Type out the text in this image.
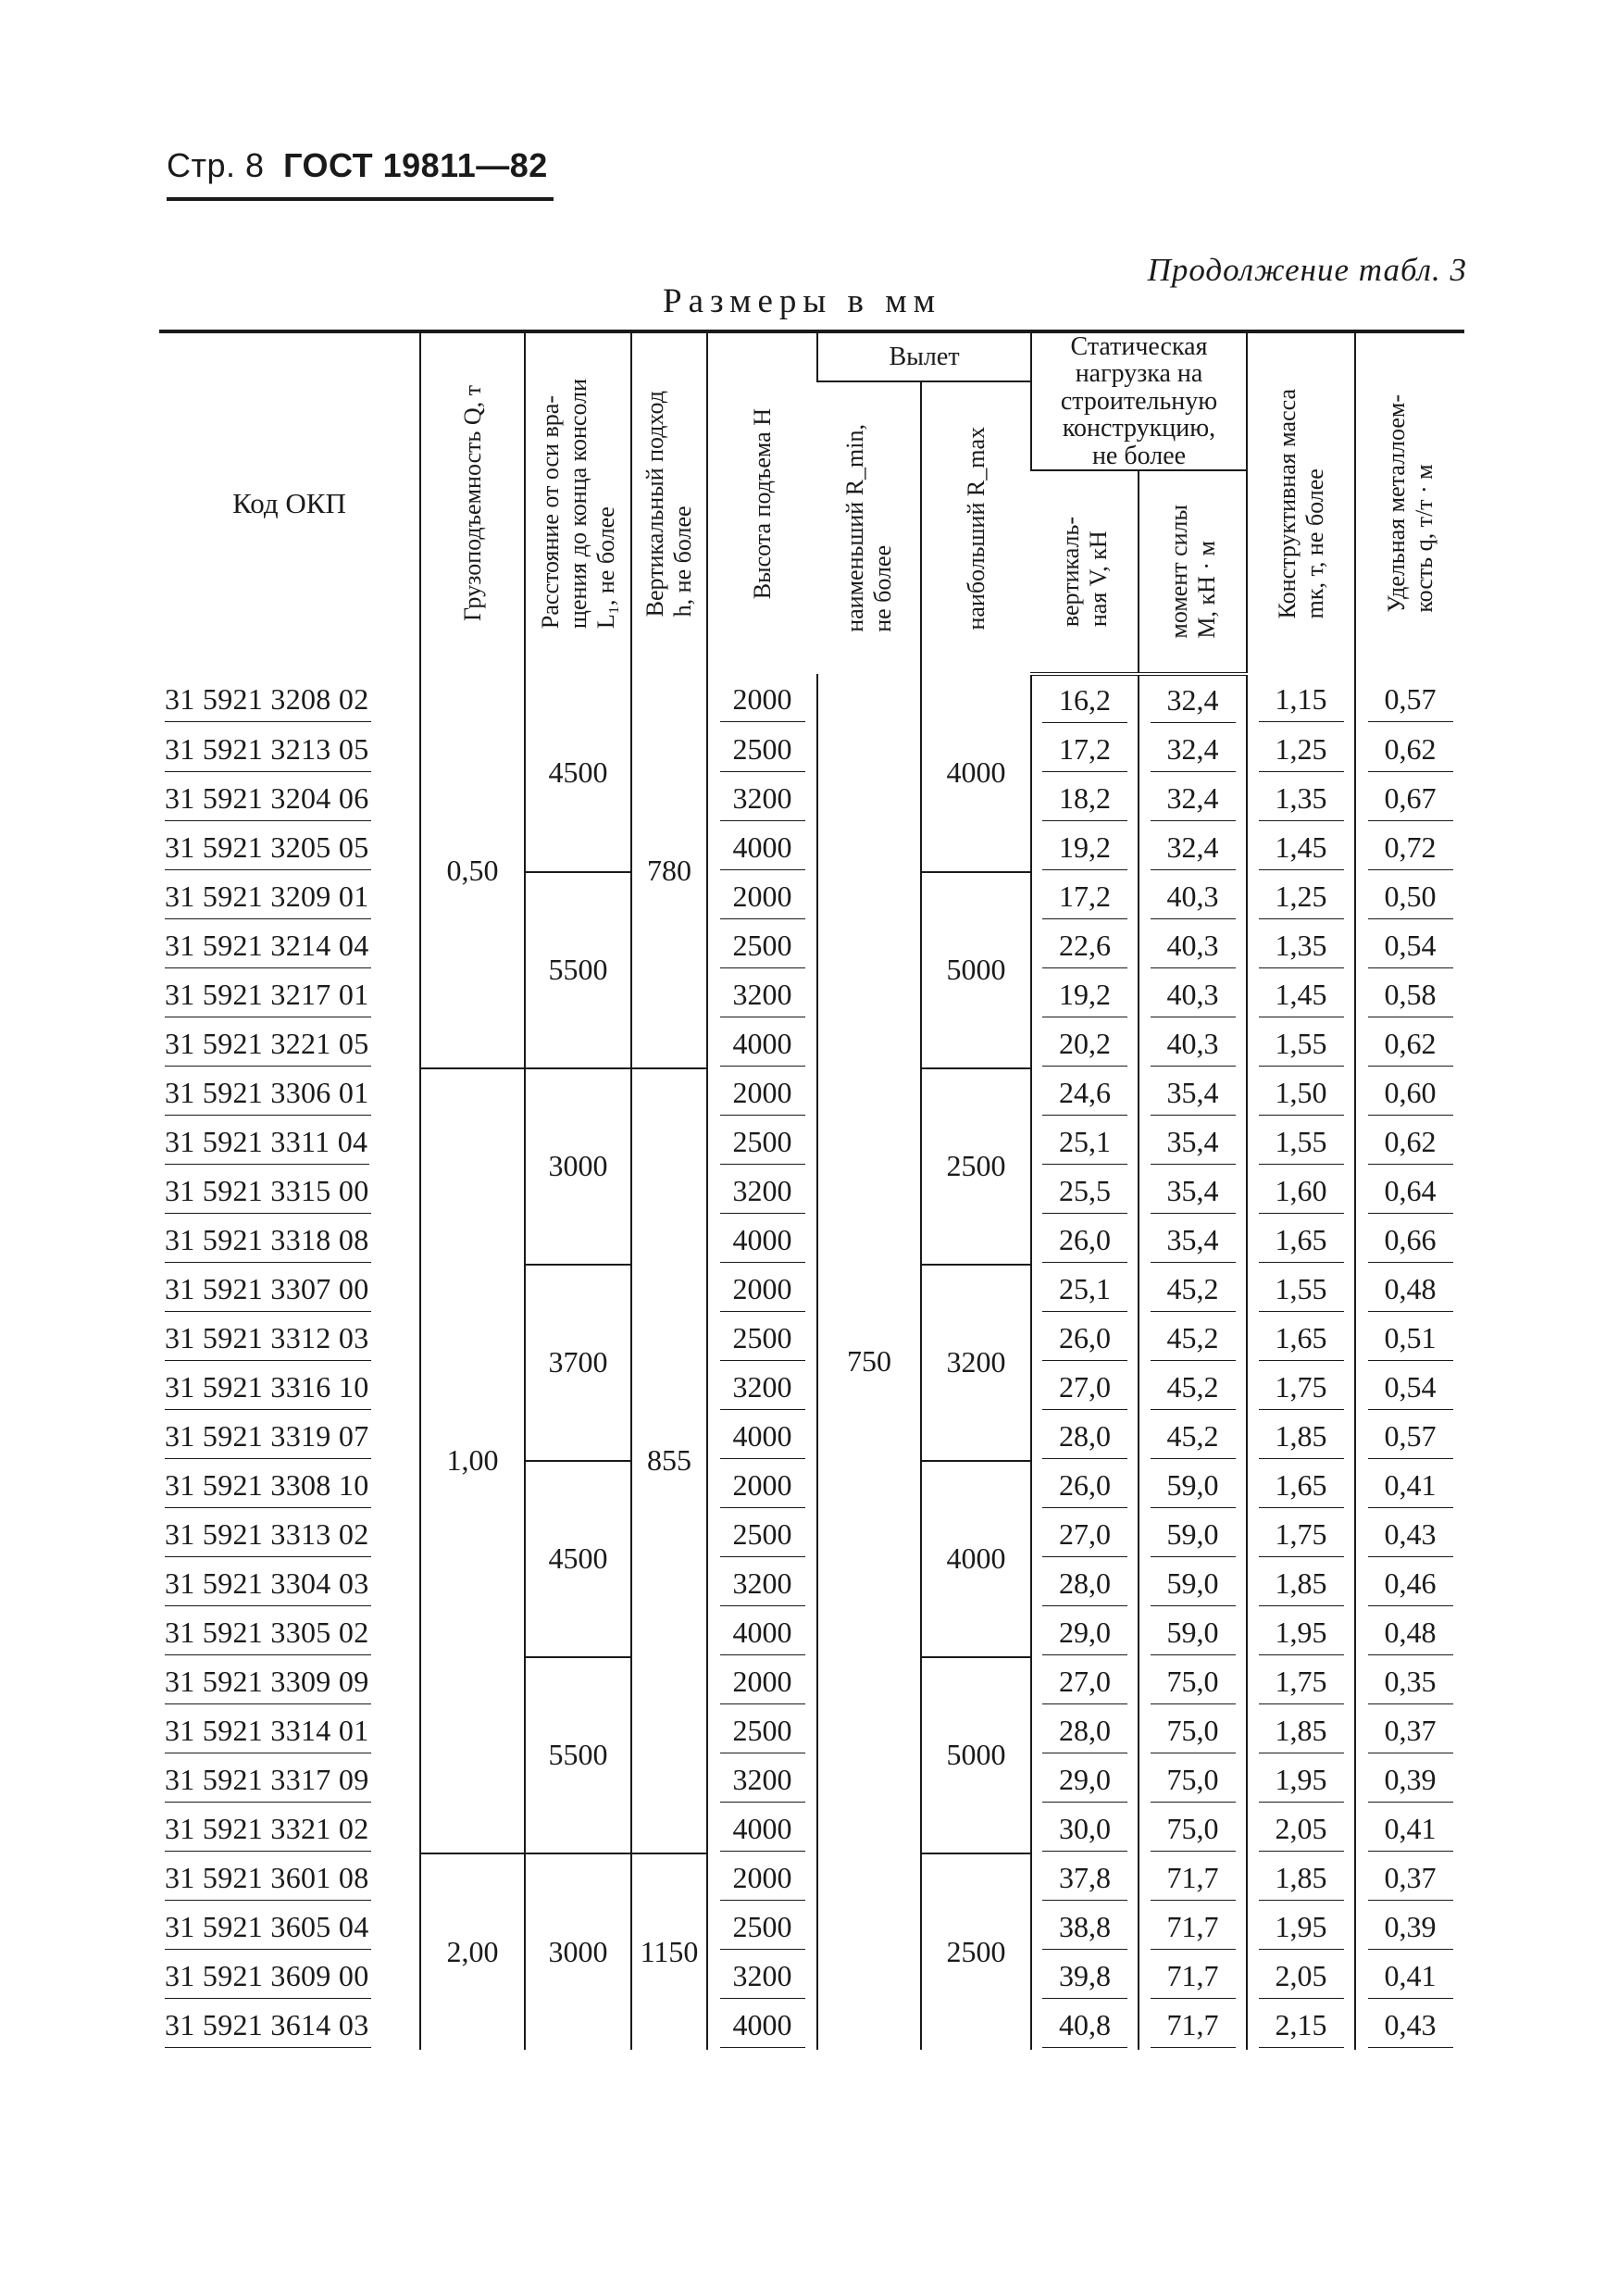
Стр. 8 ГОСТ 19811—82
Продолжение табл. 3
Размеры в мм
Код ОКП	Грузоподъемность Q, т	Расстояние от оси вра-
щения до конца консоли
L₁, не более	Вертикальный подход
h, не более	Высота подъема H	Вылет		Статическая
нагрузка на
строительную
конструкцию,
не более		Конструктивная масса
mк, т, не более	Удельная металлоем-
кость q, т/т · м

					наименьший R_min,
не более	наибольший R_max				

							вертикаль-
ная V, кН	момент силы
M, кН · м		

31 5921 3208 02	0,50	4500	780	2000	750	4000	16,2	32,4	1,15	0,57
31 5921 3213 05				2500			17,2	32,4	1,25	0,62
31 5921 3204 06				3200			18,2	32,4	1,35	0,67
31 5921 3205 05				4000			19,2	32,4	1,45	0,72
31 5921 3209 01		5500		2000		5000	17,2	40,3	1,25	0,50
31 5921 3214 04				2500			22,6	40,3	1,35	0,54
31 5921 3217 01				3200			19,2	40,3	1,45	0,58
31 5921 3221 05				4000			20,2	40,3	1,55	0,62
31 5921 3306 01	1,00	3000	855	2000		2500	24,6	35,4	1,50	0,60
31 5921 3311 04				2500			25,1	35,4	1,55	0,62
31 5921 3315 00				3200			25,5	35,4	1,60	0,64
31 5921 3318 08				4000			26,0	35,4	1,65	0,66
31 5921 3307 00		3700		2000		3200	25,1	45,2	1,55	0,48
31 5921 3312 03				2500			26,0	45,2	1,65	0,51
31 5921 3316 10				3200			27,0	45,2	1,75	0,54
31 5921 3319 07				4000			28,0	45,2	1,85	0,57
31 5921 3308 10		4500		2000		4000	26,0	59,0	1,65	0,41
31 5921 3313 02				2500			27,0	59,0	1,75	0,43
31 5921 3304 03				3200			28,0	59,0	1,85	0,46
31 5921 3305 02				4000			29,0	59,0	1,95	0,48
31 5921 3309 09		5500		2000		5000	27,0	75,0	1,75	0,35
31 5921 3314 01				2500			28,0	75,0	1,85	0,37
31 5921 3317 09				3200			29,0	75,0	1,95	0,39
31 5921 3321 02				4000			30,0	75,0	2,05	0,41
31 5921 3601 08	2,00	3000	1150	2000		2500	37,8	71,7	1,85	0,37
31 5921 3605 04				2500			38,8	71,7	1,95	0,39
31 5921 3609 00				3200			39,8	71,7	2,05	0,41
31 5921 3614 03				4000			40,8	71,7	2,15	0,43
